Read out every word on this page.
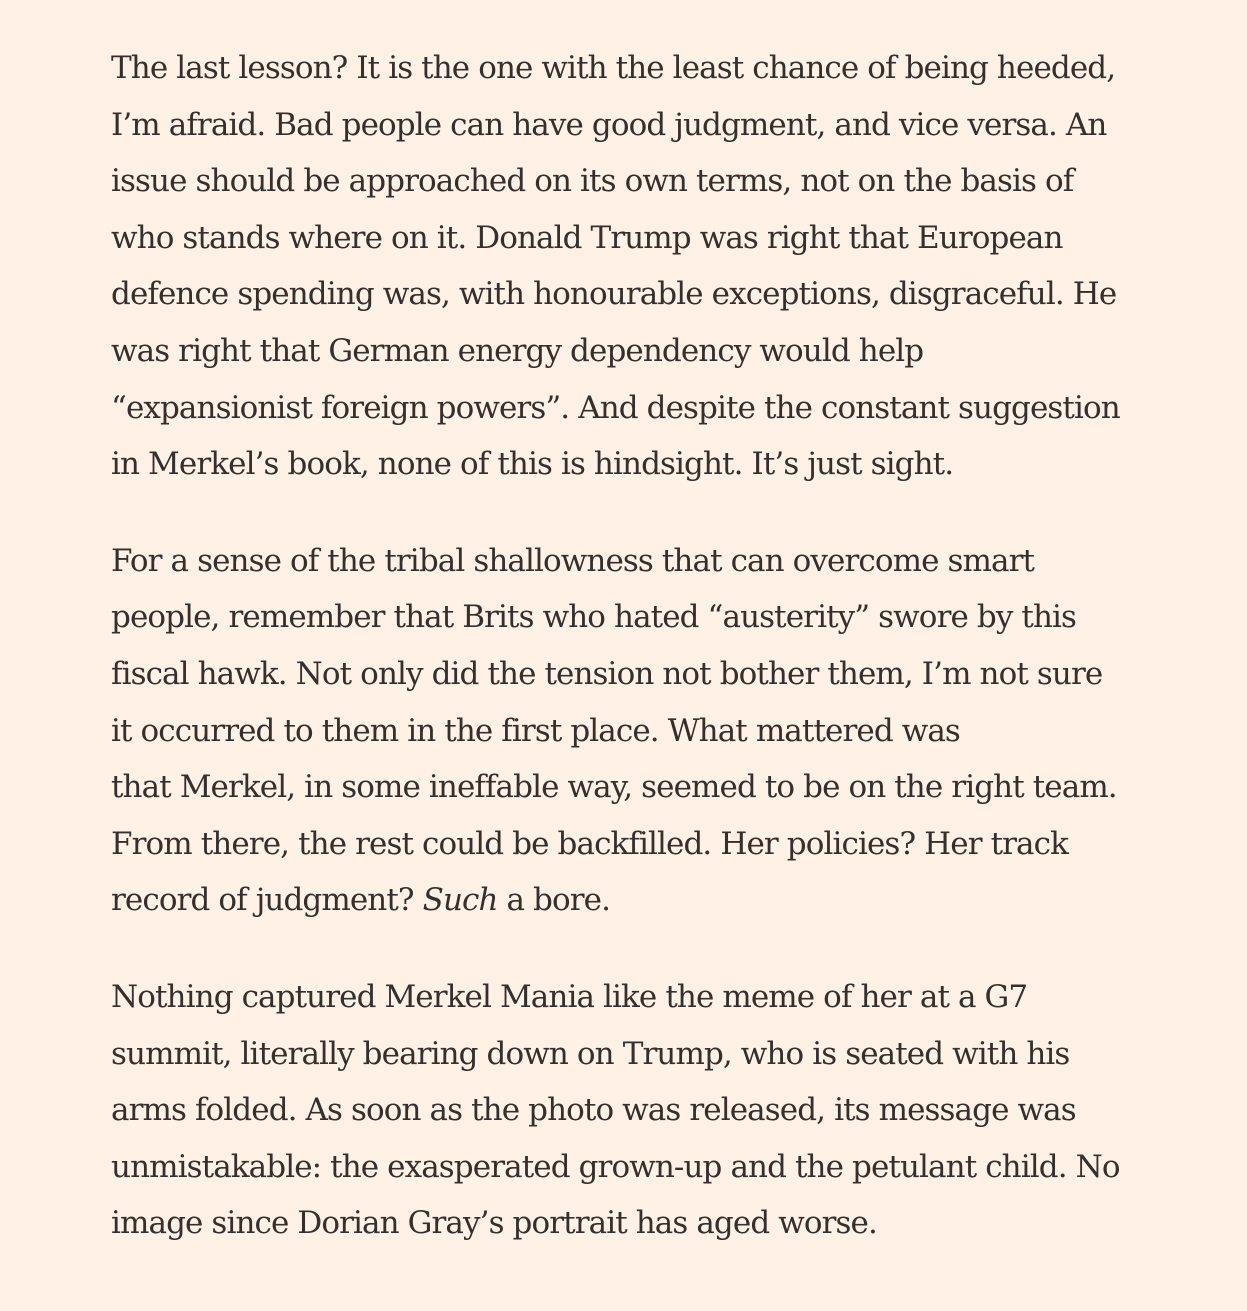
The last lesson? It is the one with the least chance of being heeded,
I’m afraid. Bad people can have good judgment, and vice versa. An
issue should be approached on its own terms, not on the basis of
who stands where on it. Donald Trump was right that European
defence spending was, with honourable exceptions, disgraceful. He
was right that German energy dependency would help
“expansionist foreign powers”. And despite the constant suggestion
in Merkel’s book, none of this is hindsight. It’s just sight.

For a sense of the tribal shallowness that can overcome smart
people, remember that Brits who hated “austerity” swore by this
fiscal hawk. Not only did the tension not bother them, I’m not sure
it occurred to them in the first place. What mattered was
that Merkel, in some ineffable way, seemed to be on the right team.
From there, the rest could be backfilled. Her policies? Her track
record of judgment? Such a bore.

Nothing captured Merkel Mania like the meme of her at a G7
summit, literally bearing down on Trump, who is seated with his
arms folded. As soon as the photo was released, its message was
unmistakable: the exasperated grown-up and the petulant child. No
image since Dorian Gray’s portrait has aged worse.
